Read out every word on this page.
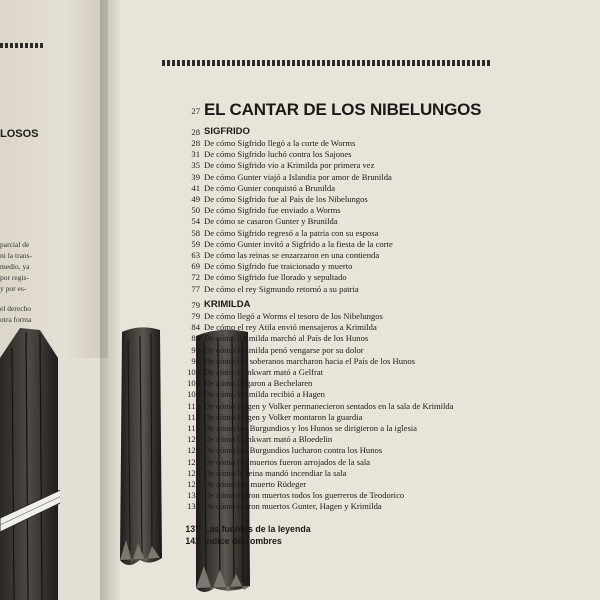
LOSOS
parcial de
ni la trans-
medio, ya
por regis-
y por es-
el derecho
otra forma
27 EL CANTAR DE LOS NIBELUNGOS
28 SIGFRIDO
28 De cómo Sigfrido llegó a la corte de Worms
31 De cómo Sigfrido luchó contra los Sajones
35 De cómo Sigfrido vio a Krimilda por primera vez
39 De cómo Gunter viajó a Islandia por amor de Brunilda
41 De cómo Gunter conquistó a Brunilda
49 De cómo Sigfrido fue al País de los Nibelungos
50 De cómo Sigfrido fue enviado a Worms
54 De cómo se casaron Gunter y Brunilda
58 De cómo Sigfrido regresó a la patria con su esposa
59 De cómo Gunter invitó a Sigfrido a la fiesta de la corte
63 De cómo las reinas se enzarzaron en una contienda
69 De cómo Sigfrido fue traicionado y muerto
72 De cómo Sigfrido fue llorado y sepultado
77 De cómo el rey Sigmundo retornó a su patria
79 KRIMILDA
79 De cómo llegó a Worms el tesoro de los Nibelungos
84 De cómo el rey Atila envió mensajeros a Krimilda
88 De cómo Krimilda marchó al País de los Hunos
92 De cómo Krimilda penó vengarse por su dolor
97 De cómo los soberanos marcharon hacia el País de los Hunos
102 De cómo Dankwart mató a Gelfrat
106 De cómo llegaron a Bechelaren
108 De cómo Krimilda recibió a Hagen
110 De cómo Hagen y Volker permanecieron sentados en la sala de Krimilda
114 De cómo Hagen y Volker montaron la guardia
115 De cómo los Burgundios y los Hunos se dirigieron a la iglesia
120 De cómo Dankwart mató a Bloedelin
121 De cómo los Burgundios lucharon contra los Hunos
122 De cómo los muertos fueron arrojados de la sala
124 De cómo la reina mandó incendiar la sala
127 De cómo fue muerto Rüdeger
130 De cómo fueron muertos todos los guerreros de Teodorico
134 De cómo fueron muertos Gunter, Hagen y Krimilda
137 Las fuentes de la leyenda
142 Índice de nombres
